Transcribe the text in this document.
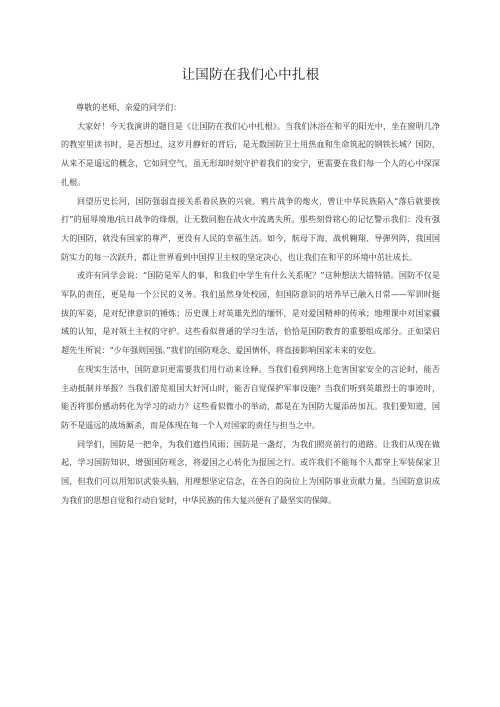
让国防在我们心中扎根

尊敬的老师、亲爱的同学们：

大家好！今天我演讲的题目是《让国防在我们心中扎根》。当我们沐浴在和平的阳光中，坐在窗明几净的教室里读书时，是否想过，这岁月静好的背后，是无数国防卫士用热血和生命筑起的钢铁长城？国防，从来不是遥远的概念，它如同空气，虽无形却时刻守护着我们的安宁，更需要在我们每一个人的心中深深扎根。

回望历史长河，国防强弱直接关系着民族的兴衰。鸦片战争的炮火，曾让中华民族陷入“落后就要挨打”的屈辱境地/抗日战争的烽烟，让无数同胞在战火中流离失所。那些刻骨铭心的记忆警示我们：没有强大的国防，就没有国家的尊严，更没有人民的幸福生活。如今，航母下海、战机翱翔、导弹列阵，我国国防实力的每一次跃升，都让世界看到中国捍卫主权的坚定决心，也让我们在和平的环境中茁壮成长。

或许有同学会说：“国防是军人的事，和我们中学生有什么关系呢？”这种想法大错特错。国防不仅是军队的责任，更是每一个公民的义务。我们虽然身处校园，但国防意识的培养早已融入日常——军训时挺拔的军姿，是对纪律意识的锤炼；历史课上对英雄先烈的缅怀，是对爱国精神的传承；地理课中对国家疆域的认知，是对领土主权的守护。这些看似普通的学习生活，恰恰是国防教育的重要组成部分。正如梁启超先生所说：“少年强则国强。”我们的国防观念、爱国情怀，将直接影响国家未来的安危。

在现实生活中，国防意识更需要我们用行动来诠释。当我们看到网络上危害国家安全的言论时，能否主动抵制并举报？当我们游览祖国大好河山时，能否自觉保护军事设施？当我们听到英雄烈士的事迹时，能否将那份感动转化为学习的动力？这些看似微小的举动，都是在为国防大厦添砖加瓦。我们要知道，国防不是遥远的战场厮杀，而是体现在每一个人对国家的责任与担当之中。

同学们，国防是一把伞，为我们遮挡风雨；国防是一盏灯，为我们照亮前行的道路。让我们从现在做起，学习国防知识，增强国防观念，将爱国之心转化为报国之行。或许我们不能每个人都穿上军装保家卫国，但我们可以用知识武装头脑，用理想坚定信念，在各自的岗位上为国防事业贡献力量。当国防意识成为我们的思想自觉和行动自觉时，中华民族的伟大复兴便有了最坚实的保障。
